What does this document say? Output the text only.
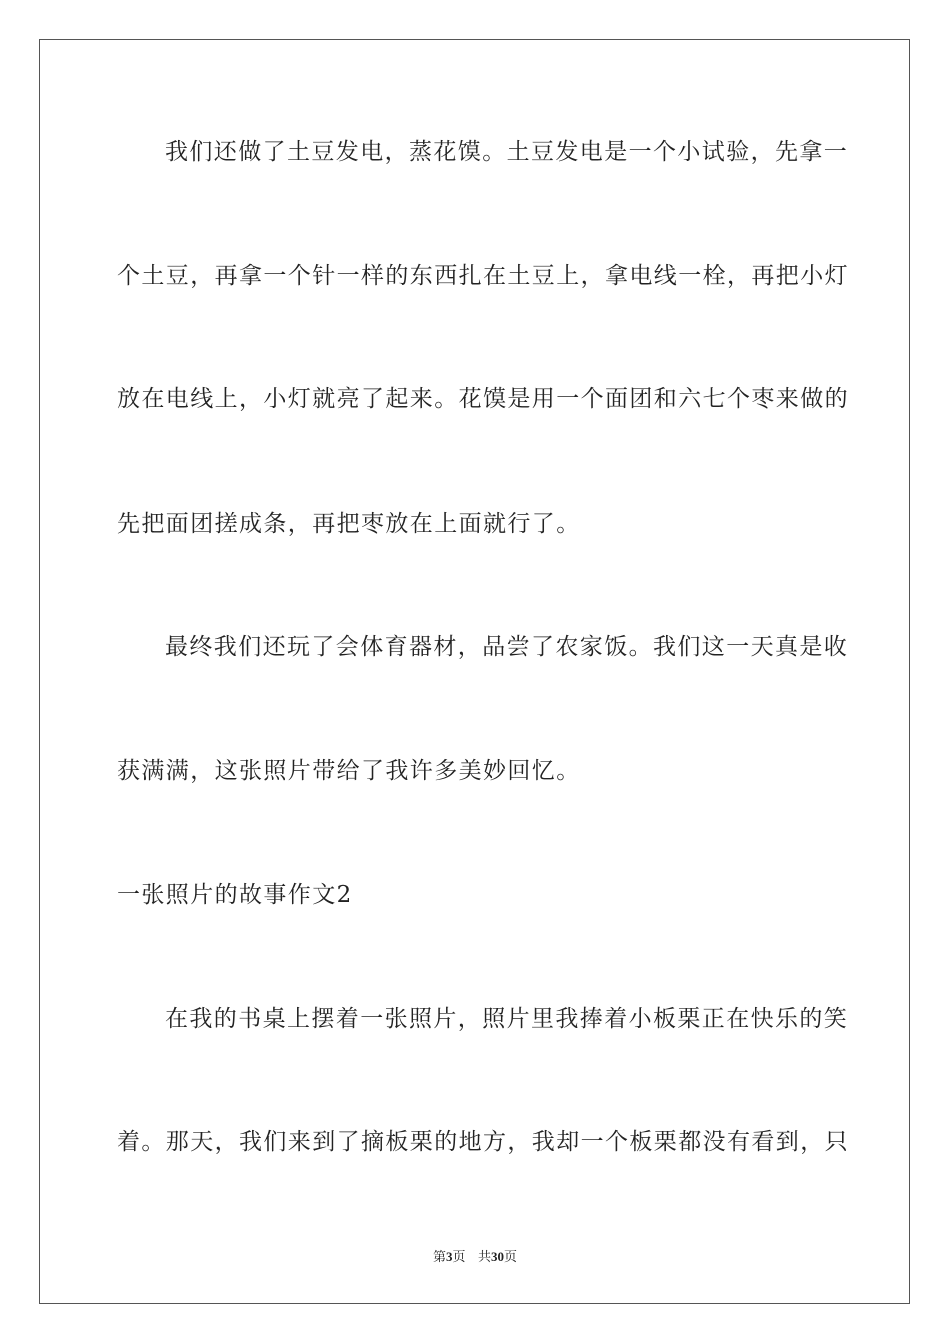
我们还做了土豆发电，蒸花馍。土豆发电是一个小试验，先拿一
个土豆，再拿一个针一样的东西扎在土豆上，拿电线一栓，再把小灯
放在电线上，小灯就亮了起来。花馍是用一个面团和六七个枣来做的
先把面团搓成条，再把枣放在上面就行了。
最终我们还玩了会体育器材，品尝了农家饭。我们这一天真是收
获满满，这张照片带给了我许多美妙回忆。
一张照片的故事作文2
在我的书桌上摆着一张照片，照片里我捧着小板栗正在快乐的笑
着。那天，我们来到了摘板栗的地方，我却一个板栗都没有看到，只
第3页 共30页
